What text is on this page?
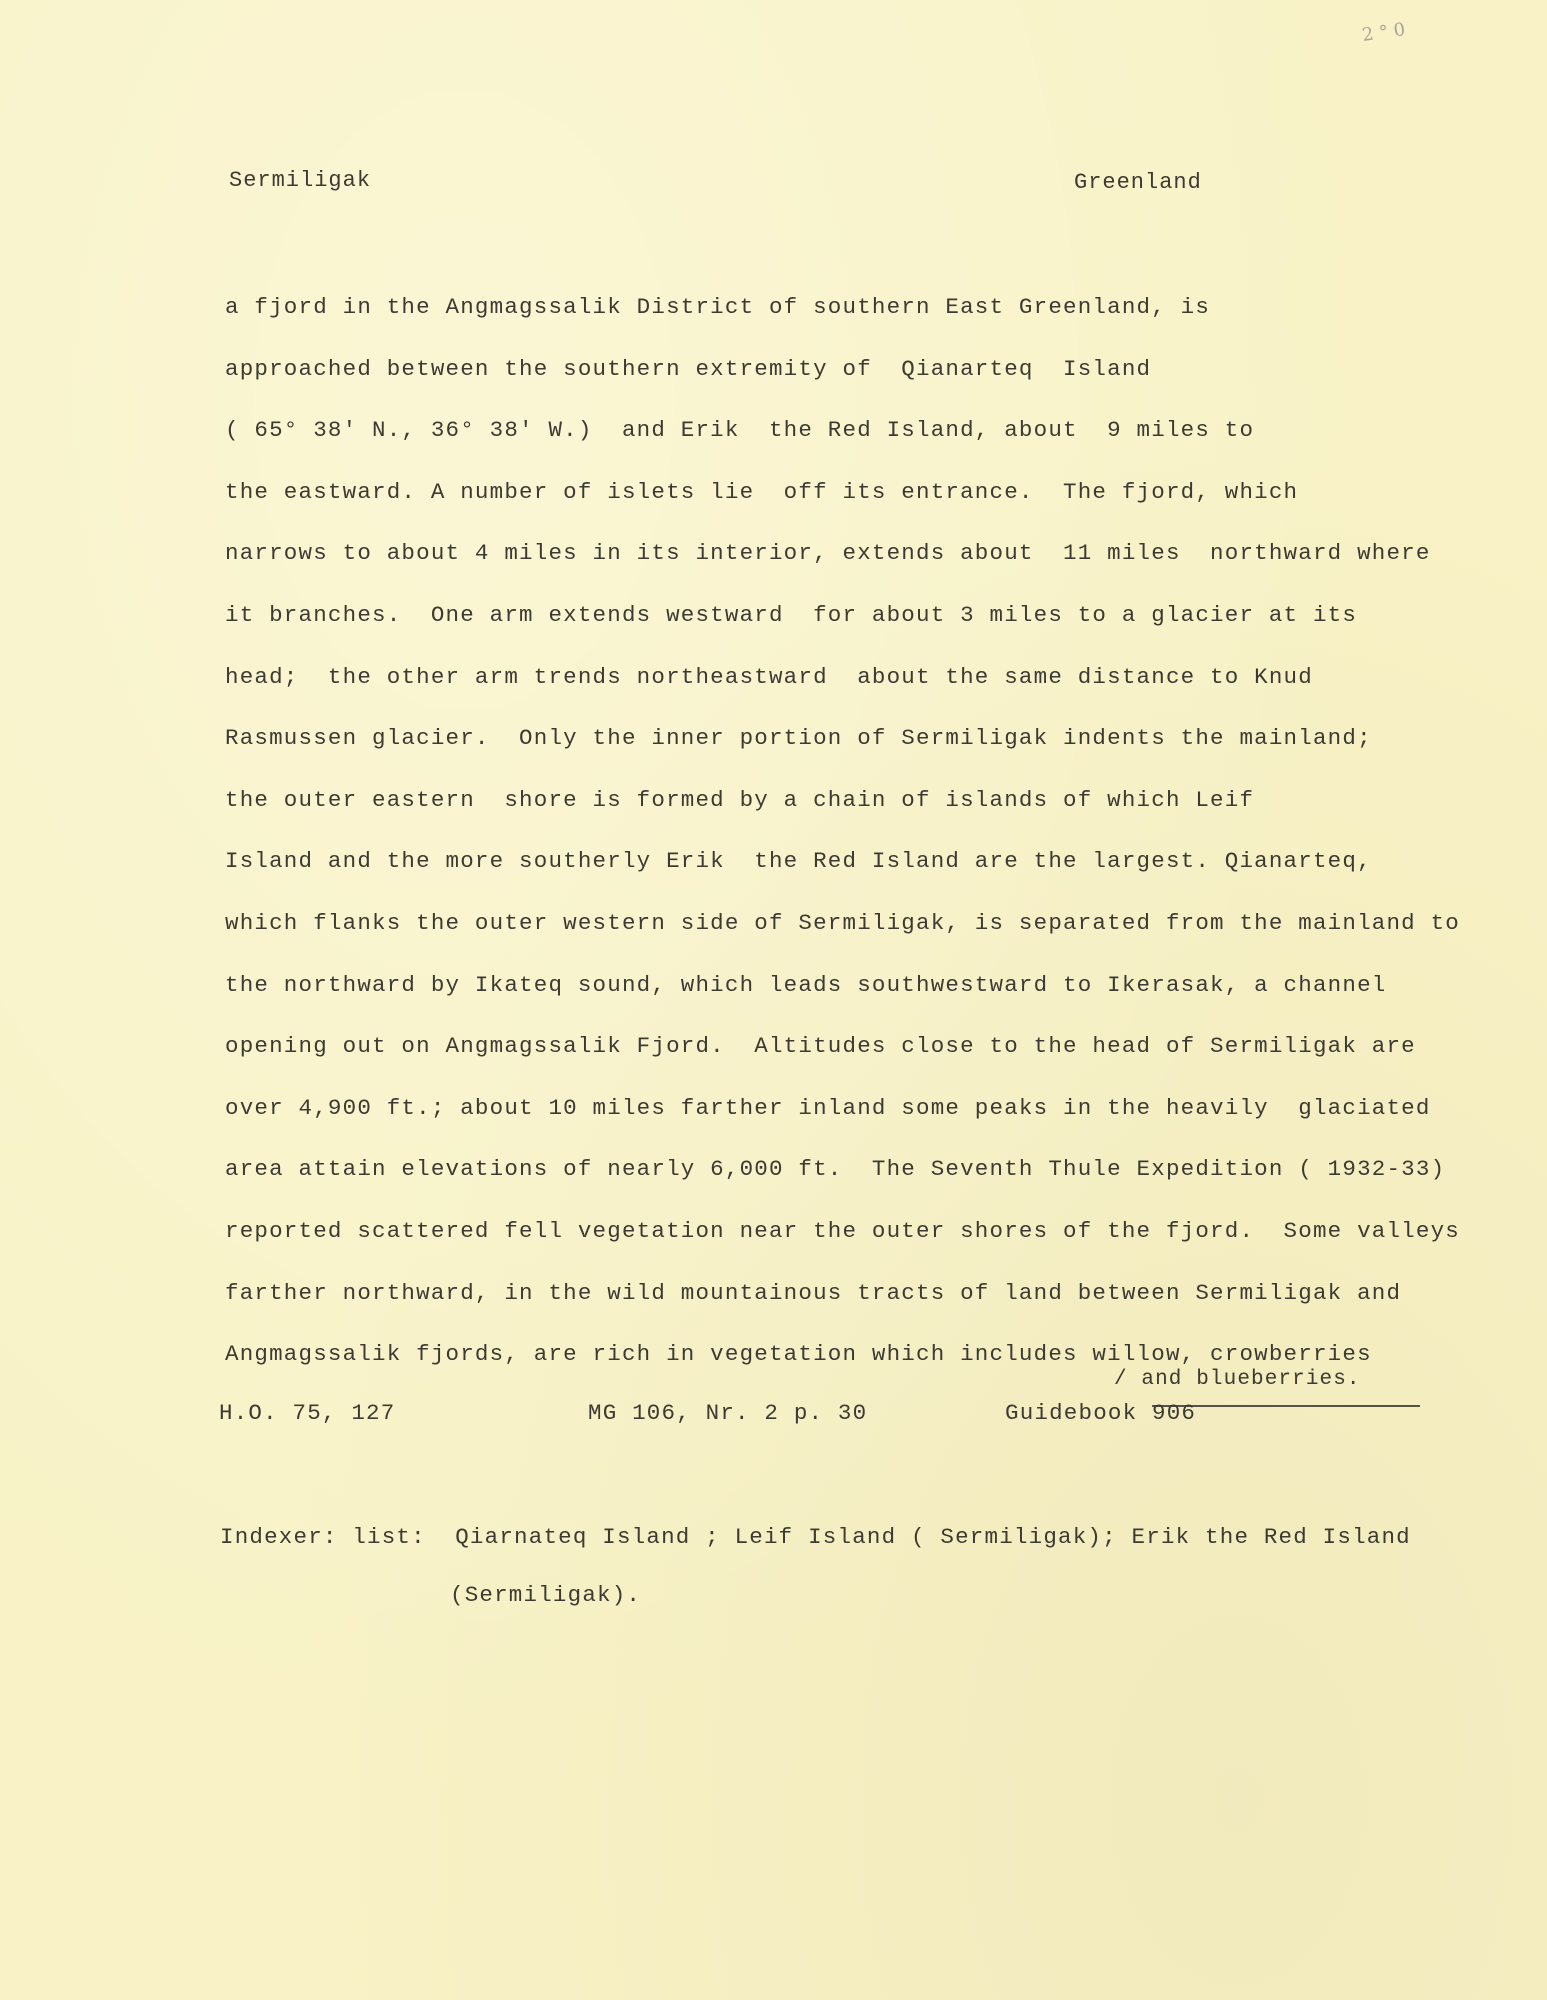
2 ° 0
Sermiligak	Greenland
a fjord in the Angmagssalik District of southern East Greenland, is
approached between the southern extremity of  Qianarteq  Island
( 65° 38' N., 36° 38' W.)  and Erik  the Red Island, about  9 miles to
the eastward. A number of islets lie  off its entrance.  The fjord, which
narrows to about 4 miles in its interior, extends about  11 miles  northward where
it branches.  One arm extends westward  for about 3 miles to a glacier at its
head;  the other arm trends northeastward  about the same distance to Knud
Rasmussen glacier.  Only the inner portion of Sermiligak indents the mainland;
the outer eastern  shore is formed by a chain of islands of which Leif
Island and the more southerly Erik  the Red Island are the largest. Qianarteq,
which flanks the outer western side of Sermiligak, is separated from the mainland to
the northward by Ikateq sound, which leads southwestward to Ikerasak, a channel
opening out on Angmagssalik Fjord.  Altitudes close to the head of Sermiligak are
over 4,900 ft.; about 10 miles farther inland some peaks in the heavily  glaciated
area attain elevations of nearly 6,000 ft.  The Seventh Thule Expedition ( 1932-33)
reported scattered fell vegetation near the outer shores of the fjord.  Some valleys
farther northward, in the wild mountainous tracts of land between Sermiligak and
Angmagssalik fjords, are rich in vegetation which includes willow, crowberries
/ and blueberries.
H.O. 75, 127	MG 106, Nr. 2 p. 30	Guidebook 906
Indexer: list:  Qiarnateq Island ; Leif Island ( Sermiligak); Erik the Red Island
(Sermiligak).
